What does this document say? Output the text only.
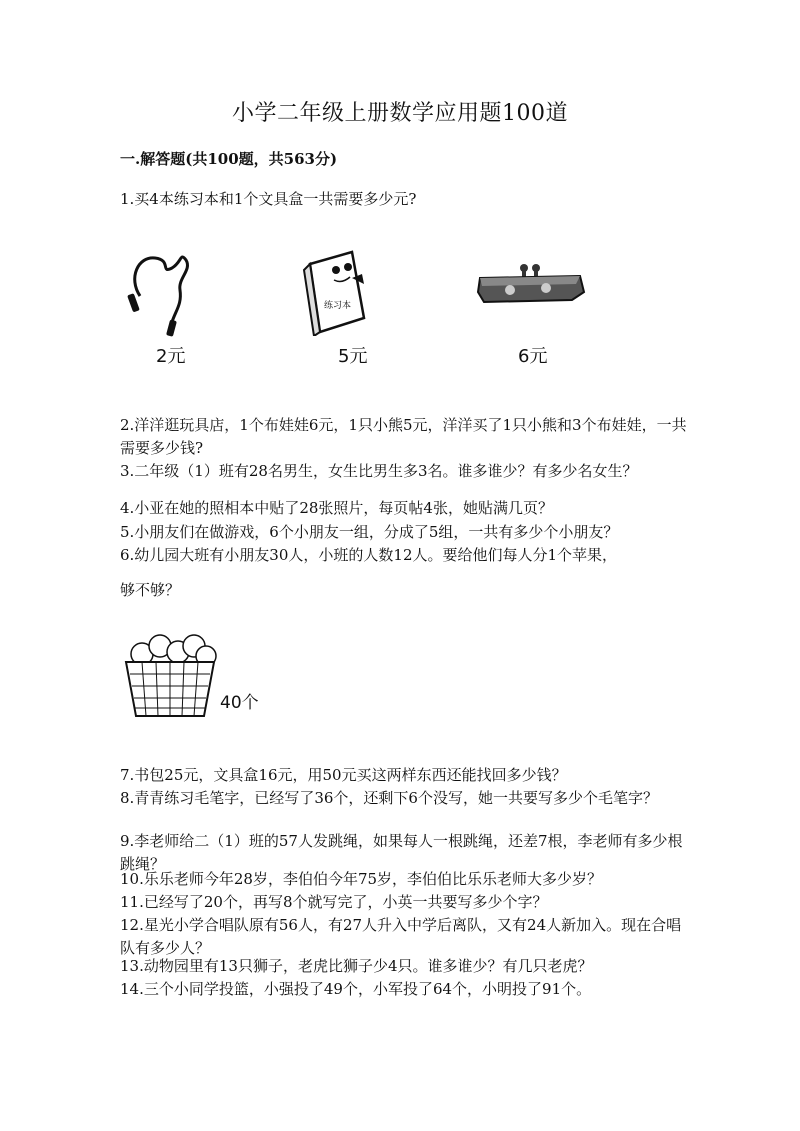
小学二年级上册数学应用题100道
一.解答题(共100题，共563分)
1.买4本练习本和1个文具盒一共需要多少元?
2元
练习本
5元	6元
2.洋洋逛玩具店，1个布娃娃6元，1只小熊5元，洋洋买了1只小熊和3个布娃娃，一共需要多少钱?
3.二年级（1）班有28名男生，女生比男生多3名。谁多谁少？有多少名女生？
4.小亚在她的照相本中贴了28张照片，每页帖4张，她贴满几页？
5.小朋友们在做游戏，6个小朋友一组，分成了5组，一共有多少个小朋友？
6.幼儿园大班有小朋友30人，小班的人数12人。要给他们每人分1个苹果，
够不够？
40个
7.书包25元，文具盒16元，用50元买这两样东西还能找回多少钱？
8.青青练习毛笔字，已经写了36个，还剩下6个没写，她一共要写多少个毛笔字？
9.李老师给二（1）班的57人发跳绳，如果每人一根跳绳，还差7根，李老师有多少根跳绳？
10.乐乐老师今年28岁，李伯伯今年75岁，李伯伯比乐乐老师大多少岁？
11.已经写了20个，再写8个就写完了，小英一共要写多少个字？
12.星光小学合唱队原有56人，有27人升入中学后离队，又有24人新加入。现在合唱队有多少人？
13.动物园里有13只狮子，老虎比狮子少4只。谁多谁少？有几只老虎？
14.三个小同学投篮，小强投了49个，小军投了64个，小明投了91个。
